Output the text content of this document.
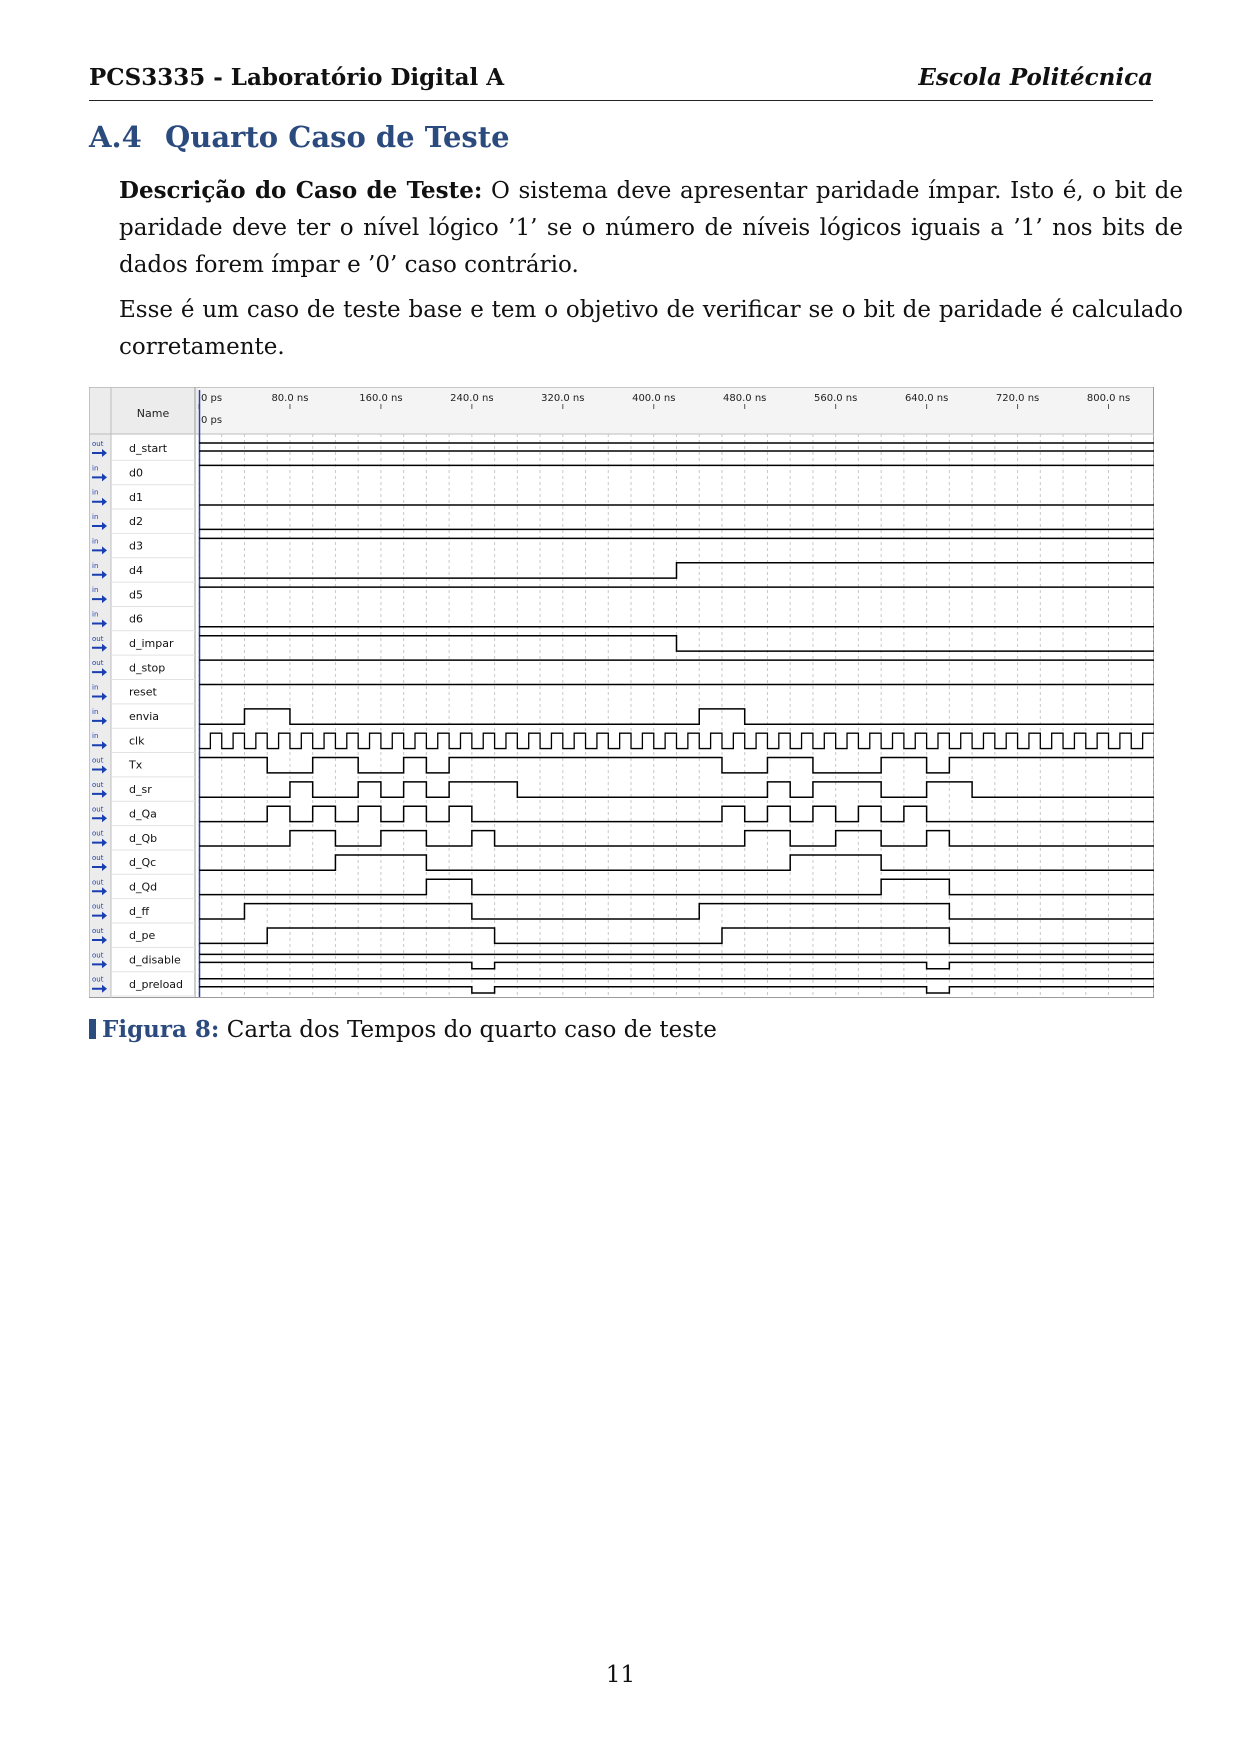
PCS3335 - Laboratório Digital A	Escola Politécnica
A.4 Quarto Caso de Teste
Descrição do Caso de Teste: O sistema deve apresentar paridade ímpar. Isto é, o bit de paridade deve ter o nível lógico ’1’ se o número de níveis lógicos iguais a ’1’ nos bits de dados forem ímpar e ’0’ caso contrário.
Esse é um caso de teste base e tem o objetivo de verificar se o bit de paridade é calculado corretamente.
Name
0 ps	80.0 ns	160.0 ns	240.0 ns	320.0 ns	400.0 ns	480.0 ns	560.0 ns	640.0 ns	720.0 ns	800.0 ns
0 ps
out d_start
in	d0
in	d1
in	d2
in	d3
in	d4
in	d5
in	d6
out d_impar
out d_stop
in	reset
in	envia
in	clk
out Tx
out d_sr
out d_Qa
out d_Qb
out d_Qc
out d_Qd
out d_ff
out d_pe
out d_disable
out d_preload
Figura 8: Carta dos Tempos do quarto caso de teste
11
